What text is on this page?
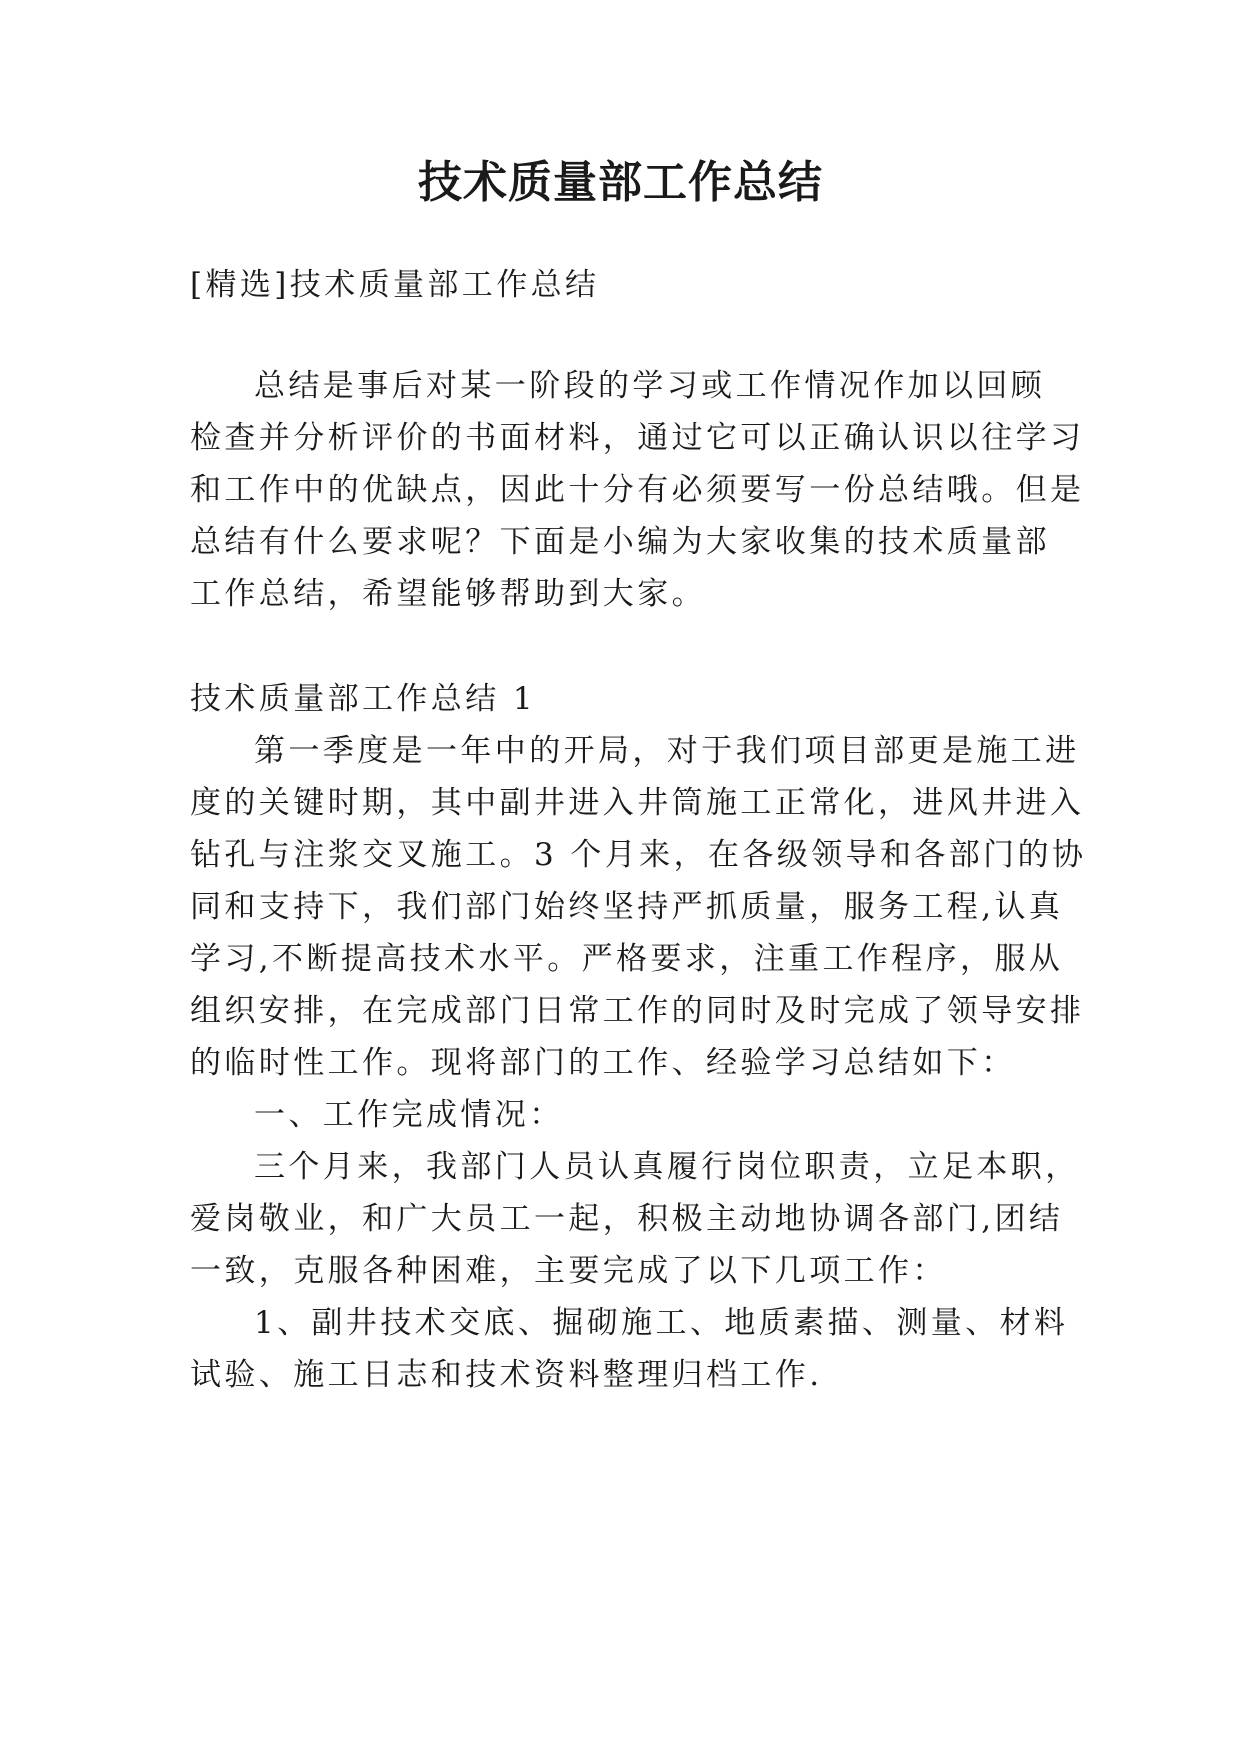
技术质量部工作总结
[精选]技术质量部工作总结
总结是事后对某一阶段的学习或工作情况作加以回顾
检查并分析评价的书面材料，通过它可以正确认识以往学习
和工作中的优缺点，因此十分有必须要写一份总结哦。但是
总结有什么要求呢？下面是小编为大家收集的技术质量部
工作总结，希望能够帮助到大家。
技术质量部工作总结 1
第一季度是一年中的开局，对于我们项目部更是施工进
度的关键时期，其中副井进入井筒施工正常化，进风井进入
钻孔与注浆交叉施工。3 个月来，在各级领导和各部门的协
同和支持下，我们部门始终坚持严抓质量，服务工程,认真
学习,不断提高技术水平。严格要求，注重工作程序，服从
组织安排，在完成部门日常工作的同时及时完成了领导安排
的临时性工作。现将部门的工作、经验学习总结如下：
一、工作完成情况：
三个月来，我部门人员认真履行岗位职责，立足本职，
爱岗敬业，和广大员工一起，积极主动地协调各部门,团结
一致，克服各种困难，主要完成了以下几项工作：
1、副井技术交底、掘砌施工、地质素描、测量、材料
试验、施工日志和技术资料整理归档工作.
